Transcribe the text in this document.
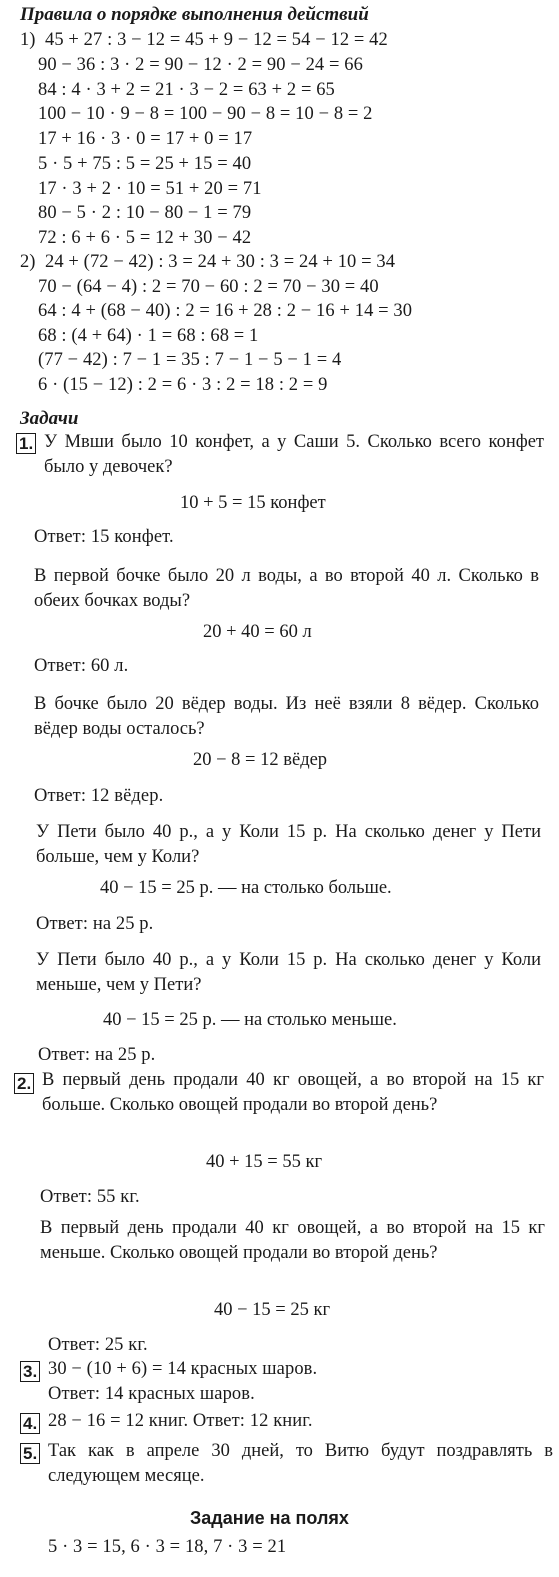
Правила о порядке выполнения действий
1) 45 + 27 : 3 − 12 = 45 + 9 − 12 = 54 − 12 = 42
90 − 36 : 3 · 2 = 90 − 12 · 2 = 90 − 24 = 66
84 : 4 · 3 + 2 = 21 · 3 − 2 = 63 + 2 = 65
100 − 10 · 9 − 8 = 100 − 90 − 8 = 10 − 8 = 2
17 + 16 · 3 · 0 = 17 + 0 = 17
5 · 5 + 75 : 5 = 25 + 15 = 40
17 · 3 + 2 · 10 = 51 + 20 = 71
80 − 5 · 2 : 10 − 80 − 1 = 79
72 : 6 + 6 · 5 = 12 + 30 − 42
2) 24 + (72 − 42) : 3 = 24 + 30 : 3 = 24 + 10 = 34
70 − (64 − 4) : 2 = 70 − 60 : 2 = 70 − 30 = 40
64 : 4 + (68 − 40) : 2 = 16 + 28 : 2 − 16 + 14 = 30
68 : (4 + 64) · 1 = 68 : 68 = 1
(77 − 42) : 7 − 1 = 35 : 7 − 1 − 5 − 1 = 4
6 · (15 − 12) : 2 = 6 · 3 : 2 = 18 : 2 = 9
Задачи
1. У Мвши было 10 конфет, а у Саши 5. Сколько всего конфет было у девочек?
10 + 5 = 15 конфет
Ответ: 15 конфет.
В первой бочке было 20 л воды, а во второй 40 л. Сколько в обеих бочках воды?
20 + 40 = 60 л
Ответ: 60 л.
В бочке было 20 вёдер воды. Из неё взяли 8 вёдер. Сколько вёдер воды осталось?
20 − 8 = 12 вёдер
Ответ: 12 вёдер.
У Пети было 40 р., а у Коли 15 р. На сколько денег у Пети больше, чем у Коли?
40 − 15 = 25 р. — на столько больше.
Ответ: на 25 р.
У Пети было 40 р., а у Коли 15 р. На сколько денег у Коли меньше, чем у Пети?
40 − 15 = 25 р. — на столько меньше.
Ответ: на 25 р.
2. В первый день продали 40 кг овощей, а во второй на 15 кг больше. Сколько овощей продали во второй день?
40 + 15 = 55 кг
Ответ: 55 кг.
В первый день продали 40 кг овощей, а во второй на 15 кг меньше. Сколько овощей продали во второй день?
40 − 15 = 25 кг
Ответ: 25 кг.
3. 30 − (10 + 6) = 14 красных шаров.
Ответ: 14 красных шаров.
4. 28 − 16 = 12 книг. Ответ: 12 книг.
5. Так как в апреле 30 дней, то Витю будут поздравлять в следующем месяце.
Задание на полях
5 · 3 = 15, 6 · 3 = 18, 7 · 3 = 21
